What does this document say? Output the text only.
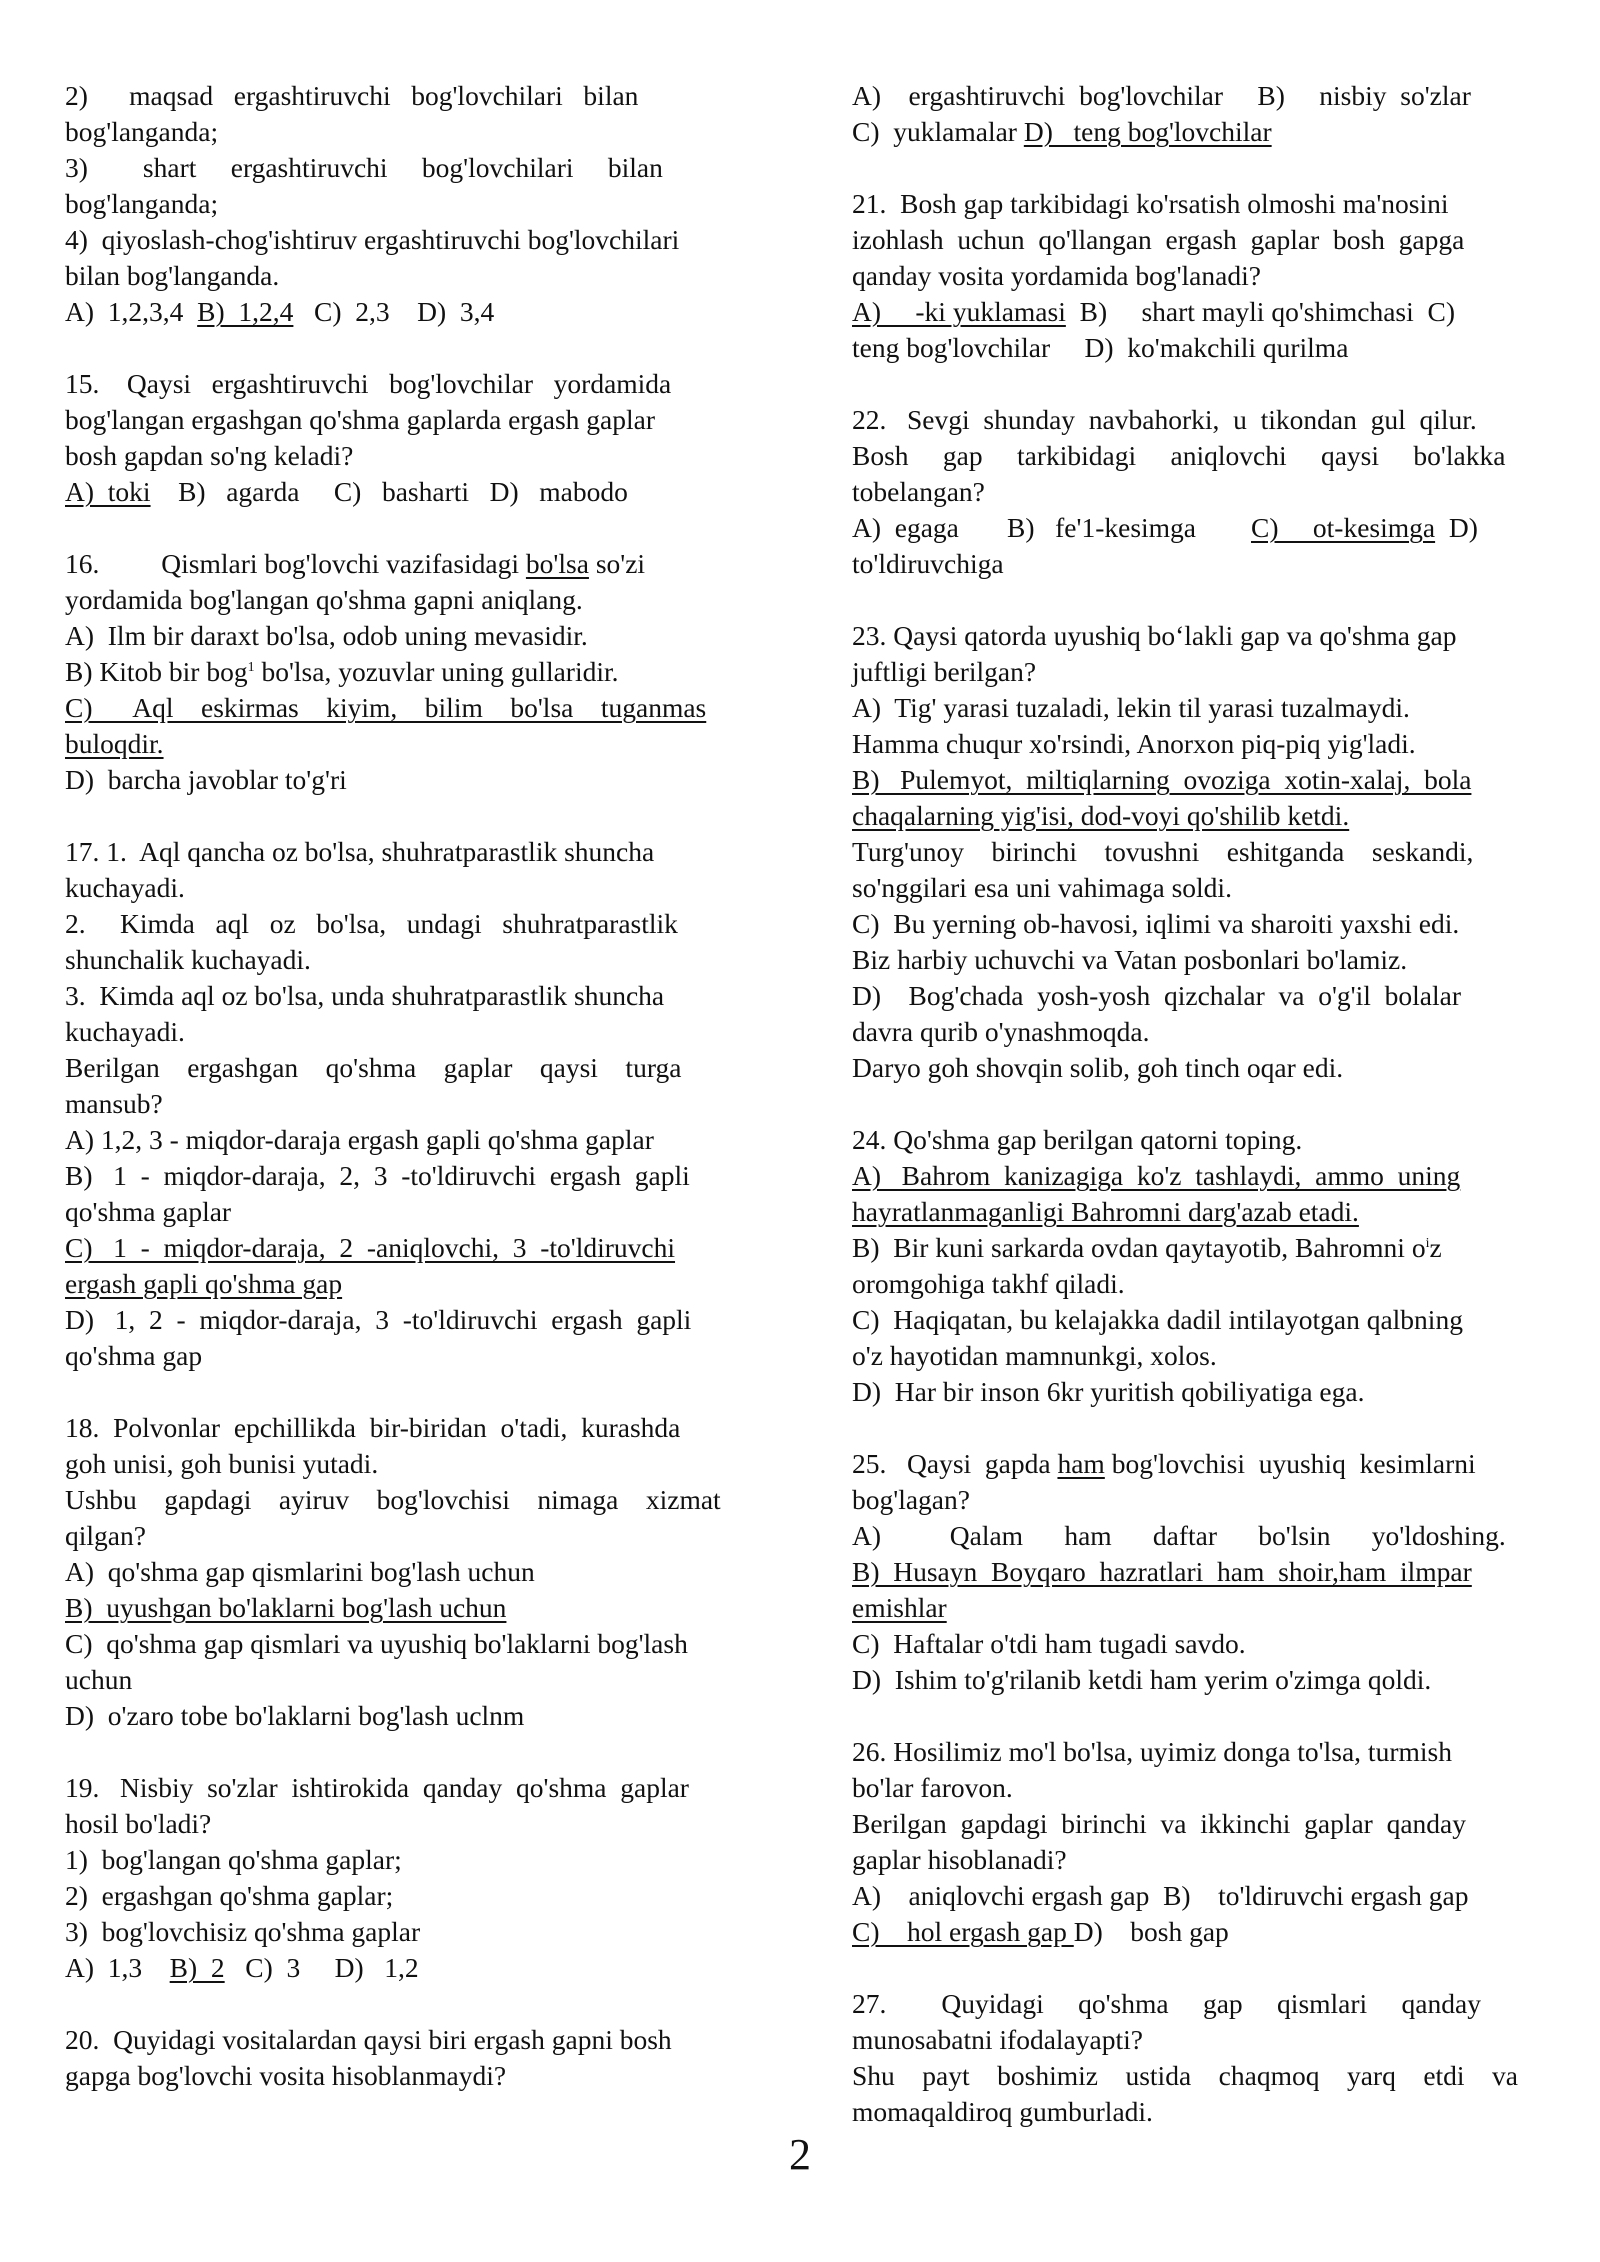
2)      maqsad   ergashtiruvchi   bog'lovchilari   bilan
bog'langanda;
3)        shart     ergashtiruvchi     bog'lovchilari     bilan
bog'langanda;
4)  qiyoslash-chog'ishtiruv ergashtiruvchi bog'lovchilari
bilan bog'langanda.
A)  1,2,3,4  B)  1,2,4   C)  2,3    D)  3,4
15.    Qaysi   ergashtiruvchi   bog'lovchilar   yordamida
bog'langan ergashgan qo'shma gaplarda ergash gaplar
bosh gapdan so'ng keladi?
A)  toki    B)   agarda     C)   basharti   D)   mabodo
16.         Qismlari bog'lovchi vazifasidagi bo'lsa so'zi
yordamida bog'langan qo'shma gapni aniqlang.
A)  Ilm bir daraxt bo'lsa, odob uning mevasidir.
B) Kitob bir bog$^1$ bo'lsa, yozuvlar uning gullaridir.
C)      Aql    eskirmas    kiyim,    bilim    bo'lsa    tuganmas
buloqdir.
D)  barcha javoblar to'g'ri
17. 1.  Aql qancha oz bo'lsa, shuhratparastlik shuncha
kuchayadi.
2.     Kimda   aql   oz   bo'lsa,   undagi   shuhratparastlik
shunchalik kuchayadi.
3.  Kimda aql oz bo'lsa, unda shuhratparastlik shuncha
kuchayadi.
Berilgan    ergashgan    qo'shma    gaplar    qaysi    turga
mansub?
A) 1,2, 3 - miqdor-daraja ergash gapli qo'shma gaplar
B)   1  -  miqdor-daraja,  2,  3  -to'ldiruvchi  ergash  gapli
qo'shma gaplar
C)   1  -  miqdor-daraja,  2  -aniqlovchi,  3  -to'ldiruvchi
ergash gapli qo'shma gap
D)   1,  2  -  miqdor-daraja,  3  -to'ldiruvchi  ergash  gapli
qo'shma gap
18.  Polvonlar  epchillikda  bir-biridan  o'tadi,  kurashda
goh unisi, goh bunisi yutadi.
Ushbu    gapdagi    ayiruv    bog'lovchisi    nimaga    xizmat
qilgan?
A)  qo'shma gap qismlarini bog'lash uchun
B)  uyushgan bo'laklarni bog'lash uchun
C)  qo'shma gap qismlari va uyushiq bo'laklarni bog'lash
uchun
D)  o'zaro tobe bo'laklarni bog'lash uclnm
19.   Nisbiy  so'zlar  ishtirokida  qanday  qo'shma  gaplar
hosil bo'ladi?
1)  bog'langan qo'shma gaplar;
2)  ergashgan qo'shma gaplar;
3)  bog'lovchisiz qo'shma gaplar
A)  1,3    B)  2   C)  3     D)   1,2
20.  Quyidagi vositalardan qaysi biri ergash gapni bosh
gapga bog'lovchi vosita hisoblanmaydi?
A)    ergashtiruvchi  bog'lovchilar     B)     nisbiy  so'zlar
C)  yuklamalar D)   teng bog'lovchilar
21.  Bosh gap tarkibidagi ko'rsatish olmoshi ma'nosini
izohlash  uchun  qo'llangan  ergash  gaplar  bosh  gapga
qanday vosita yordamida bog'lanadi?
A)     -ki yuklamasi  B)     shart mayli qo'shimchasi  C)
teng bog'lovchilar     D)  ko'makchili qurilma
22.   Sevgi  shunday  navbahorki,  u  tikondan  gul  qilur.
Bosh     gap     tarkibidagi     aniqlovchi     qaysi     bo'lakka
tobelangan?
A)  egaga       B)   fe'1-kesimga        C)     ot-kesimga  D)
to'ldiruvchiga
23. Qaysi qatorda uyushiq bo‘lakli gap va qo'shma gap
juftligi berilgan?
A)  Tig' yarasi tuzaladi, lekin til yarasi tuzalmaydi.
Hamma chuqur xo'rsindi, Anorxon piq-piq yig'ladi.
B)   Pulemyot,  miltiqlarning  ovoziga  xotin-xalaj,  bola
chaqalarning yig'isi, dod-voyi qo'shilib ketdi.
Turg'unoy    birinchi    tovushni    eshitganda    seskandi,
so'nggilari esa uni vahimaga soldi.
C)  Bu yerning ob-havosi, iqlimi va sharoiti yaxshi edi.
Biz harbiy uchuvchi va Vatan posbonlari bo'lamiz.
D)    Bog'chada  yosh-yosh  qizchalar  va  o'g'il  bolalar
davra qurib o'ynashmoqda.
Daryo goh shovqin solib, goh tinch oqar edi.
24. Qo'shma gap berilgan qatorni toping.
A)   Bahrom  kanizagiga  ko'z  tashlaydi,  ammo  uning
hayratlanmaganligi Bahromni darg'azab etadi.
B)  Bir kuni sarkarda ovdan qaytayotib, Bahromni $o^iz$
oromgohiga takhf qiladi.
C)  Haqiqatan, bu kelajakka dadil intilayotgan qalbning
o'z hayotidan mamnunkgi, xolos.
D)  Har bir inson 6kr yuritish qobiliyatiga ega.
25.   Qaysi  gapda ham bog'lovchisi  uyushiq  kesimlarni
bog'lagan?
A)          Qalam      ham      daftar      bo'lsin      yo'ldoshing.
B)  Husayn  Boyqaro  hazratlari  ham  shoir,ham  ilmpar
emishlar
C)  Haftalar o'tdi ham tugadi savdo.
D)  Ishim to'g'rilanib ketdi ham yerim o'zimga qoldi.
26. Hosilimiz mo'l bo'lsa, uyimiz donga to'lsa, turmish
bo'lar farovon.
Berilgan  gapdagi  birinchi  va  ikkinchi  gaplar  qanday
gaplar hisoblanadi?
A)    aniqlovchi ergash gap  B)    to'ldiruvchi ergash gap
C)    hol ergash gap D)    bosh gap
27.        Quyidagi     qo'shma     gap     qismlari     qanday
munosabatni ifodalayapti?
Shu    payt    boshimiz    ustida    chaqmoq    yarq    etdi    va
momaqaldiroq gumburladi.
2
